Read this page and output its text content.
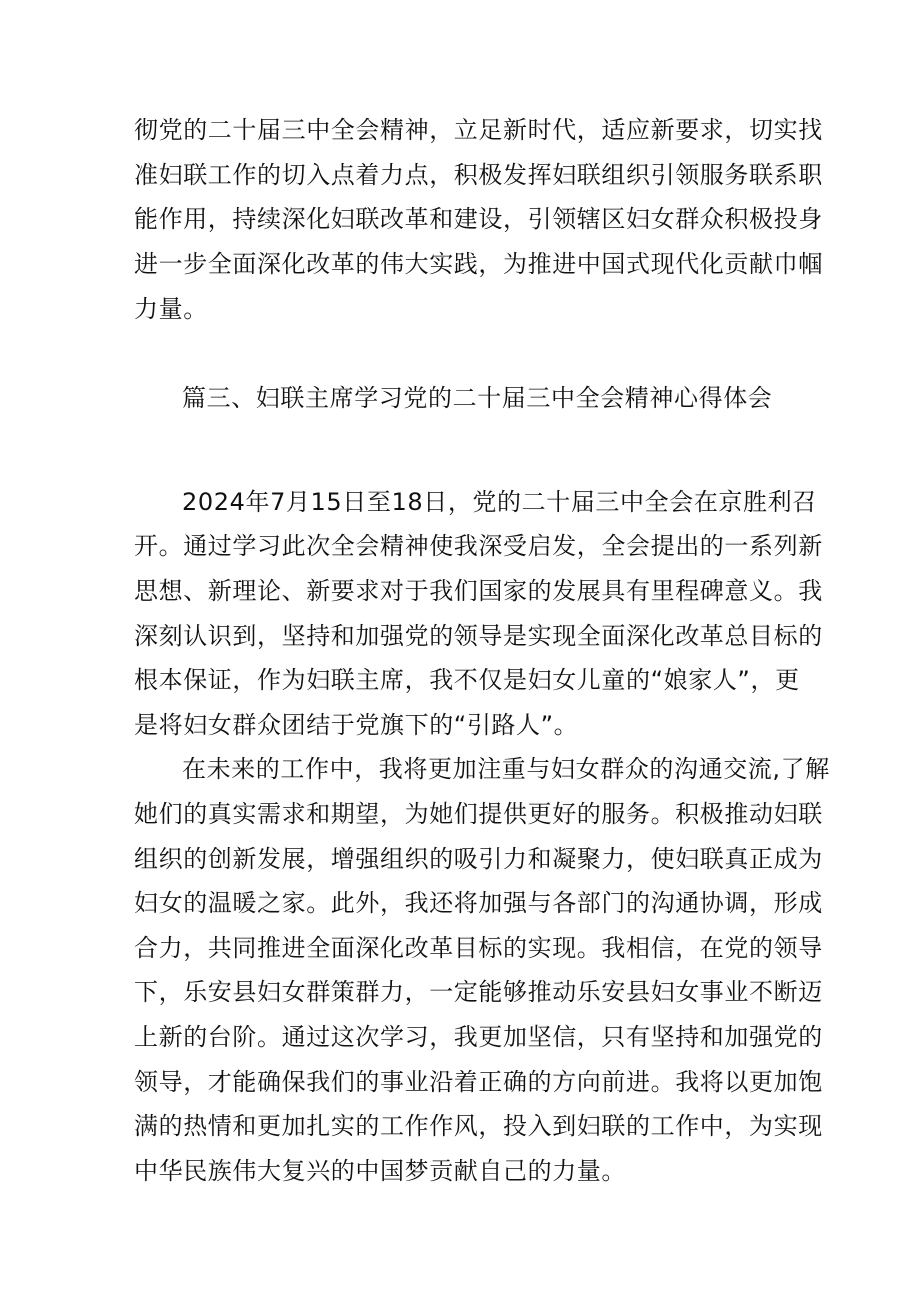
彻党的二十届三中全会精神，立足新时代，适应新要求，切实找
准妇联工作的切入点着力点，积极发挥妇联组织引领服务联系职
能作用，持续深化妇联改革和建设，引领辖区妇女群众积极投身
进一步全面深化改革的伟大实践，为推进中国式现代化贡献巾帼
力量。
篇三、妇联主席学习党的二十届三中全会精神心得体会
2024年7月15日至18日，党的二十届三中全会在京胜利召
开。通过学习此次全会精神使我深受启发，全会提出的一系列新
思想、新理论、新要求对于我们国家的发展具有里程碑意义。我
深刻认识到，坚持和加强党的领导是实现全面深化改革总目标的
根本保证，作为妇联主席，我不仅是妇女儿童的“娘家人”，更
是将妇女群众团结于党旗下的“引路人”。
在未来的工作中，我将更加注重与妇女群众的沟通交流,了解
她们的真实需求和期望，为她们提供更好的服务。积极推动妇联
组织的创新发展，增强组织的吸引力和凝聚力，使妇联真正成为
妇女的温暖之家。此外，我还将加强与各部门的沟通协调，形成
合力，共同推进全面深化改革目标的实现。我相信，在党的领导
下，乐安县妇女群策群力，一定能够推动乐安县妇女事业不断迈
上新的台阶。通过这次学习，我更加坚信，只有坚持和加强党的
领导，才能确保我们的事业沿着正确的方向前进。我将以更加饱
满的热情和更加扎实的工作作风，投入到妇联的工作中，为实现
中华民族伟大复兴的中国梦贡献自己的力量。
